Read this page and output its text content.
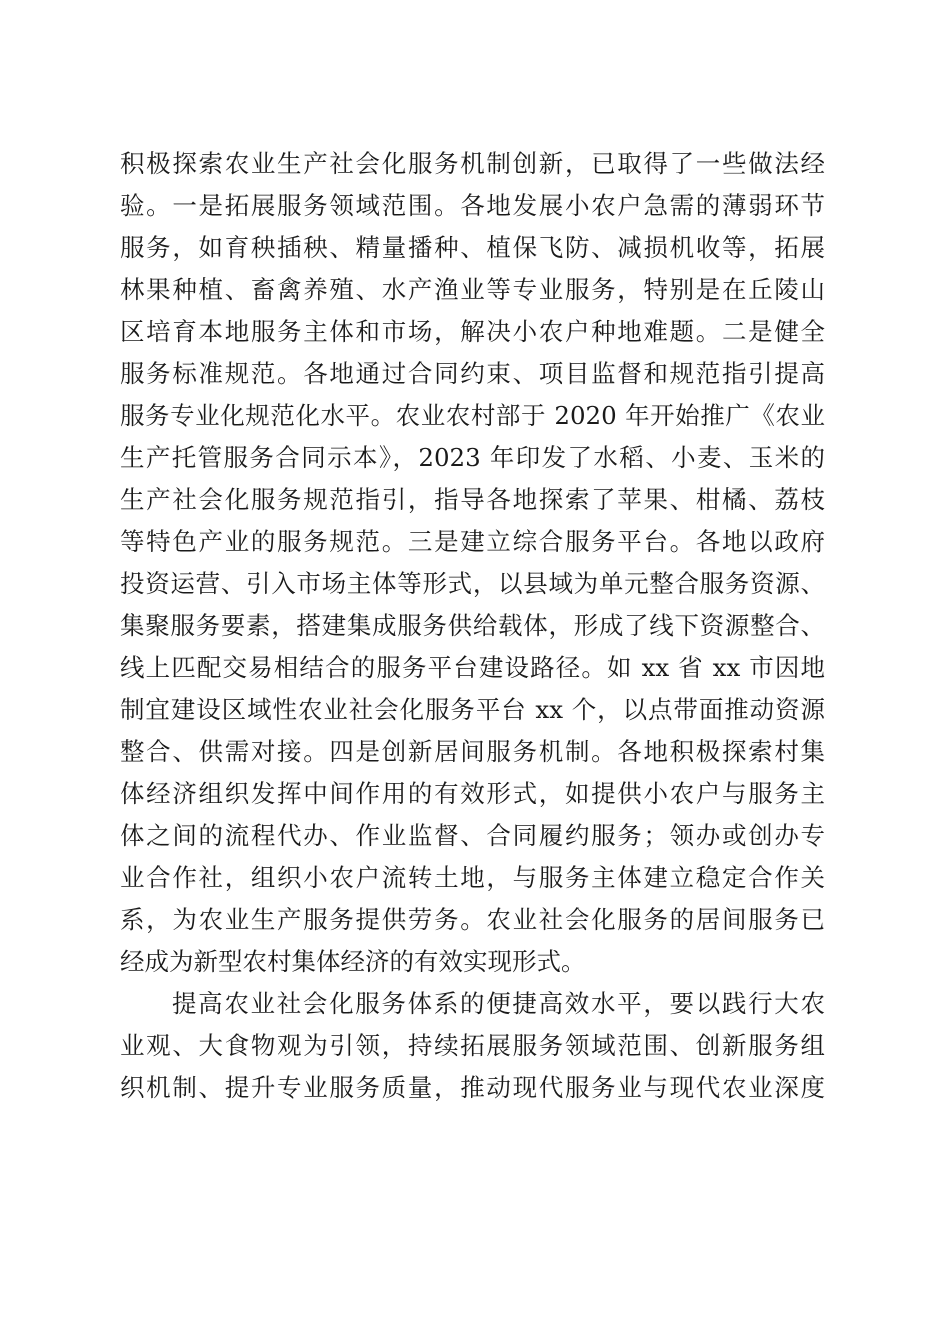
积极探索农业生产社会化服务机制创新，已取得了一些做法经

验。一是拓展服务领域范围。各地发展小农户急需的薄弱环节

服务，如育秧插秧、精量播种、植保飞防、减损机收等，拓展

林果种植、畜禽养殖、水产渔业等专业服务，特别是在丘陵山

区培育本地服务主体和市场，解决小农户种地难题。二是健全

服务标准规范。各地通过合同约束、项目监督和规范指引提高

服务专业化规范化水平。农业农村部于 2020 年开始推广《农业

生产托管服务合同示本》，2023 年印发了水稻、小麦、玉米的

生产社会化服务规范指引，指导各地探索了苹果、柑橘、荔枝

等特色产业的服务规范。三是建立综合服务平台。各地以政府

投资运营、引入市场主体等形式，以县域为单元整合服务资源、

集聚服务要素，搭建集成服务供给载体，形成了线下资源整合、

线上匹配交易相结合的服务平台建设路径。如 xx 省 xx 市因地

制宜建设区域性农业社会化服务平台 xx 个，以点带面推动资源

整合、供需对接。四是创新居间服务机制。各地积极探索村集

体经济组织发挥中间作用的有效形式，如提供小农户与服务主

体之间的流程代办、作业监督、合同履约服务；领办或创办专

业合作社，组织小农户流转土地，与服务主体建立稳定合作关

系，为农业生产服务提供劳务。农业社会化服务的居间服务已

经成为新型农村集体经济的有效实现形式。

提高农业社会化服务体系的便捷高效水平，要以践行大农

业观、大食物观为引领，持续拓展服务领域范围、创新服务组

织机制、提升专业服务质量，推动现代服务业与现代农业深度
